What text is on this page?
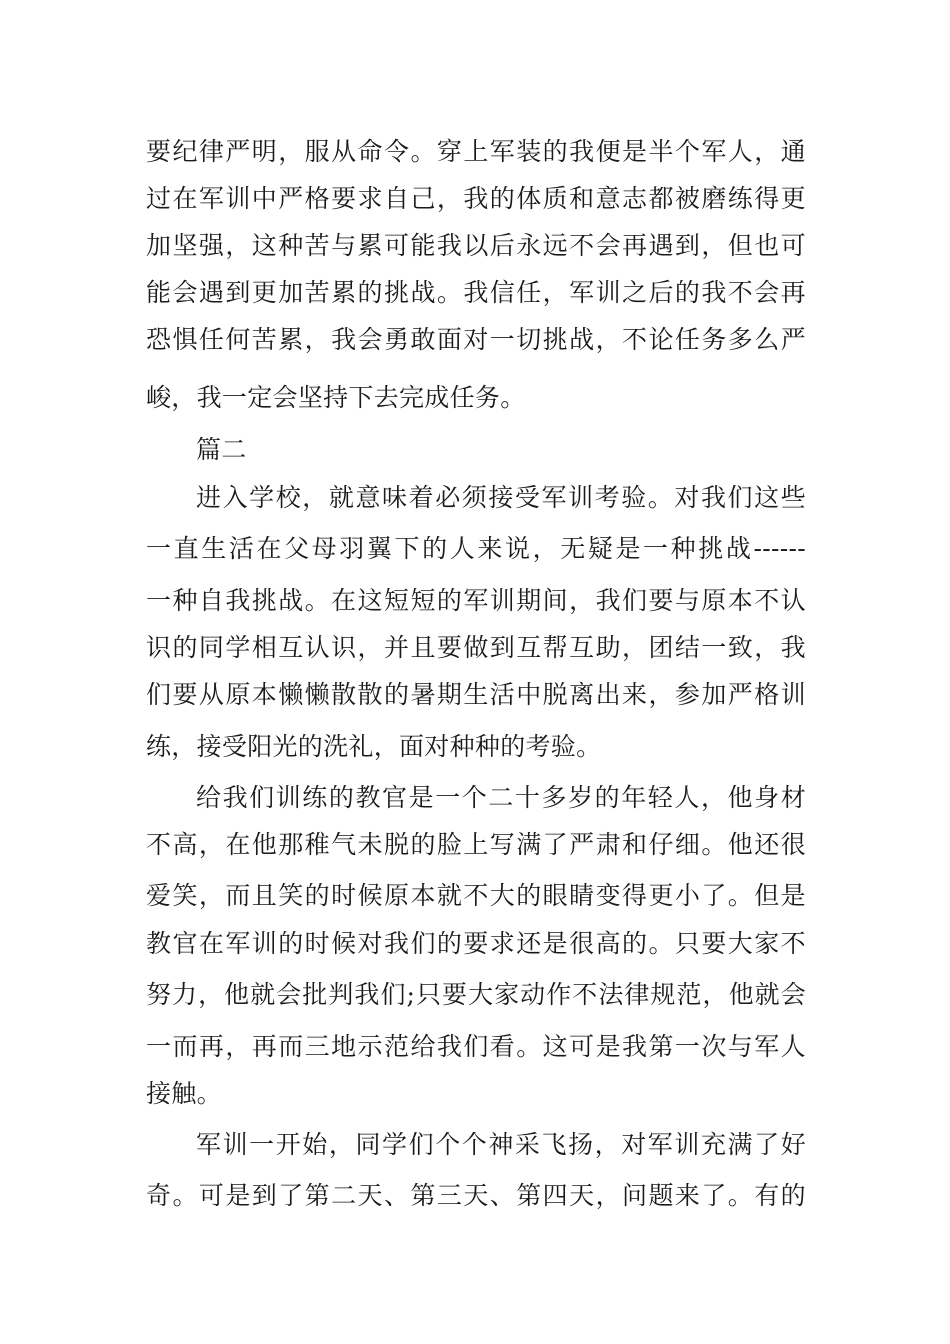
要纪律严明，服从命令。穿上军装的我便是半个军人，通
过在军训中严格要求自己，我的体质和意志都被磨练得更
加坚强，这种苦与累可能我以后永远不会再遇到，但也可
能会遇到更加苦累的挑战。我信任，军训之后的我不会再
恐惧任何苦累，我会勇敢面对一切挑战，不论任务多么严
峻，我一定会坚持下去完成任务。
篇二
进入学校，就意味着必须接受军训考验。对我们这些
一直生活在父母羽翼下的人来说，无疑是一种挑战------
一种自我挑战。在这短短的军训期间，我们要与原本不认
识的同学相互认识，并且要做到互帮互助，团结一致，我
们要从原本懒懒散散的暑期生活中脱离出来，参加严格训
练，接受阳光的洗礼，面对种种的考验。
给我们训练的教官是一个二十多岁的年轻人，他身材
不高，在他那稚气未脱的脸上写满了严肃和仔细。他还很
爱笑，而且笑的时候原本就不大的眼睛变得更小了。但是
教官在军训的时候对我们的要求还是很高的。只要大家不
努力，他就会批判我们;只要大家动作不法律规范，他就会
一而再，再而三地示范给我们看。这可是我第一次与军人
接触。
军训一开始，同学们个个神采飞扬，对军训充满了好
奇。可是到了第二天、第三天、第四天，问题来了。有的
